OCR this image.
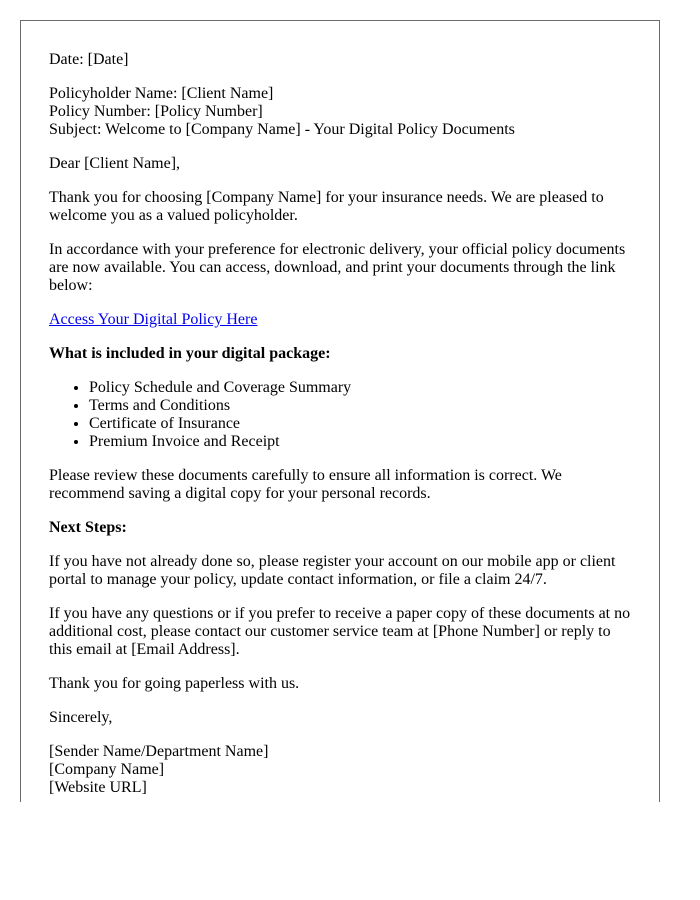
Date: [Date]

Policyholder Name: [Client Name]
Policy Number: [Policy Number]
Subject: Welcome to [Company Name] - Your Digital Policy Documents

Dear [Client Name],

Thank you for choosing [Company Name] for your insurance needs. We are pleased to welcome you as a valued policyholder.

In accordance with your preference for electronic delivery, your official policy documents are now available. You can access, download, and print your documents through the link below:

Access Your Digital Policy Here

What is included in your digital package:

• Policy Schedule and Coverage Summary
• Terms and Conditions
• Certificate of Insurance
• Premium Invoice and Receipt

Please review these documents carefully to ensure all information is correct. We recommend saving a digital copy for your personal records.

Next Steps:

If you have not already done so, please register your account on our mobile app or client portal to manage your policy, update contact information, or file a claim 24/7.

If you have any questions or if you prefer to receive a paper copy of these documents at no additional cost, please contact our customer service team at [Phone Number] or reply to this email at [Email Address].

Thank you for going paperless with us.

Sincerely,

[Sender Name/Department Name]
[Company Name]
[Website URL]
